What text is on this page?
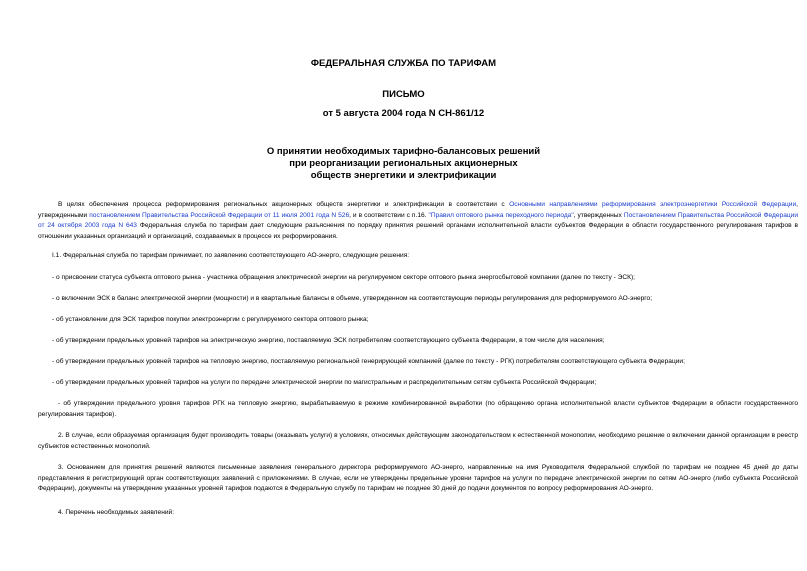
ФЕДЕРАЛЬНАЯ СЛУЖБА ПО ТАРИФАМ
ПИСЬМО
от 5 августа 2004 года N СН-861/12
О принятии необходимых тарифно-балансовых решений
при реорганизации региональных акционерных
обществ энергетики и электрификации
В целях обеспечения процесса реформирования региональных акционерных обществ энергетики и электрификации в соответствии с Основными направлениями реформирования электроэнергетики Российской Федерации, утвержденными постановлением Правительства Российской Федерации от 11 июля 2001 года N 526, и в соответствии с п.16. "Правил оптового рынка переходного периода", утвержденных Постановлением Правительства Российской Федерации от 24 октября 2003 года N 643 Федеральная служба по тарифам дает следующие разъяснения по порядку принятия решений органами исполнительной власти субъектов Федерации в области государственного регулирования тарифов в отношении указанных организаций и организаций, создаваемых в процессе их реформирования.
I.1. Федеральная служба по тарифам принимает, по заявлению соответствующего АО-энерго, следующие решения:
- о присвоении статуса субъекта оптового рынка - участника обращения электрической энергии на регулируемом секторе оптового рынка энергосбытовой компании (далее по тексту - ЭСК);
- о включении ЭСК в баланс электрической энергии (мощности) и в квартальные балансы в объеме, утвержденном на соответствующие периоды регулирования для реформируемого АО-энерго;
- об установлении для ЭСК тарифов покупки электроэнергии с регулируемого сектора оптового рынка;
- об утверждении предельных уровней тарифов на электрическую энергию, поставляемую ЭСК потребителям соответствующего субъекта Федерации, в том числе для населения;
- об утверждении предельных уровней тарифов на тепловую энергию, поставляемую региональной генерирующей компанией (далее по тексту - РГК) потребителям соответствующего субъекта Федерации;
- об утверждении предельных уровней тарифов на услуги по передаче электрической энергии по магистральным и распределительным сетям субъекта Российской Федерации;
- об утверждении предельного уровня тарифов РГК на тепловую энергию, вырабатываемую в режиме комбинированной выработки (по обращению органа исполнительной власти субъектов Федерации в области государственного регулирования тарифов).
2. В случае, если образуемая организация будет производить товары (оказывать услуги) в условиях, относимых действующим законодательством к естественной монополии, необходимо решение о включении данной организации в реестр субъектов естественных монополий.
3. Основанием для принятия решений являются письменные заявления генерального директора реформируемого АО-энерго, направленные на имя Руководителя Федеральной службой по тарифам не позднее 45 дней до даты представления в регистрирующий орган соответствующих заявлений с приложениями. В случае, если не утверждены предельные уровни тарифов на услуги по передаче электрической энергии по сетям АО-энерго (либо субъекта Российской Федерации), документы на утверждение указанных уровней тарифов подаются в Федеральную службу по тарифам не позднее 30 дней до подачи документов по вопросу реформирования АО-энерго.
4. Перечень необходимых заявлений:
